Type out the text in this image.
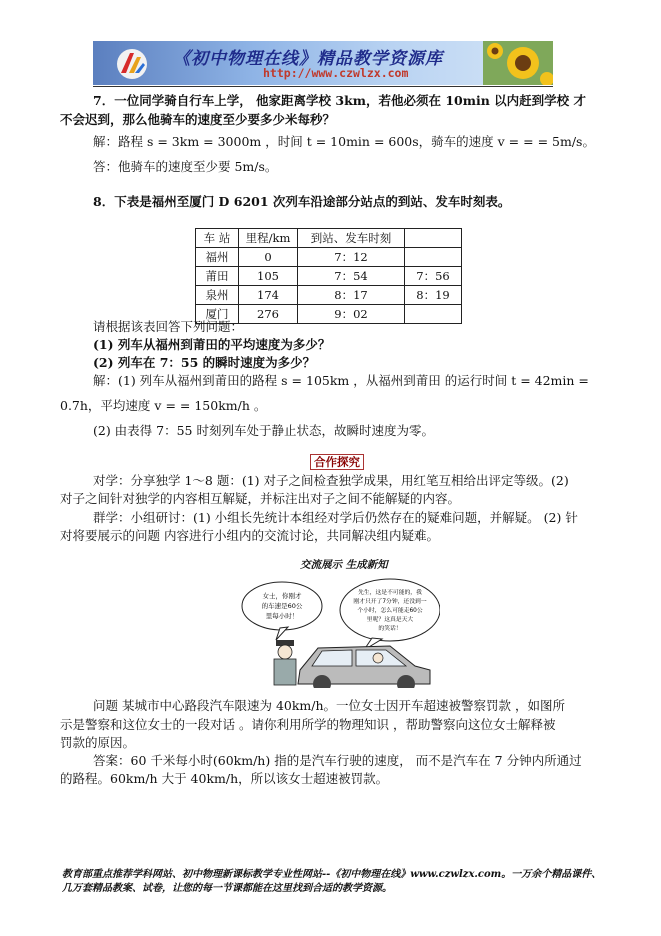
《初中物理在线》精品教学资源库
http://www.czwlzx.com
7．一位同学骑自行车上学， 他家距离学校 3km，若他必须在 10min 以内赶到学校 才
不会迟到，那么他骑车的速度至少要多少米每秒？
解：路程 s = 3km = 3000m ，时间 t = 10min = 600s，骑车的速度 v = = = 5m/s。
答：他骑车的速度至少要 5m/s。
8．下表是福州至厦门 D 6201 次列车沿途部分站点的到站、发车时刻表。
车 站	里程/km	到站、发车时刻	
福州	0	7：12	
莆田	105	7：54	7：56
泉州	174	8：17	8：19
厦门	276	9：02	
请根据该表回答下列问题：
(1) 列车从福州到莆田的平均速度为多少？
(2) 列车在 7：55 的瞬时速度为多少？
解：(1) 列车从福州到莆田的路程 s = 105km ，从福州到莆田 的运行时间 t = 42min =
0.7h，平均速度 v = = 150km/h 。
(2) 由表得 7：55 时刻列车处于静止状态，故瞬时速度为零。
合作探究
对学：分享独学 1～8 题：(1) 对子之间检查独学成果，用红笔互相给出评定等级。(2)
对子之间针对独学的内容相互解疑，并标注出对子之间不能解疑的内容。
群学：小组研讨：(1) 小组长先统计本组经对学后仍然存在的疑难问题，并解疑。 (2) 针
对将要展示的问题 内容进行小组内的交流讨论，共同解决组内疑难。
交流展示 生成新知
女士，你刚才
的车速是60公
里每小时！
先生，这是不可能的，我
刚才只开了7分钟，还没到一
个小时，怎么可能走60公
里呢？这真是天大
的笑话！
问题 某城市中心路段汽车限速为 40km/h。一位女士因开车超速被警察罚款 ，如图所
示是警察和这位女士的一段对话 。请你利用所学的物理知识 ，帮助警察向这位女士解释被
罚款的原因。
答案：60 千米每小时(60km/h) 指的是汽车行驶的速度， 而不是汽车在 7 分钟内所通过
的路程。60km/h 大于 40km/h，所以该女士超速被罚款。
教育部重点推荐学科网站、初中物理新课标教学专业性网站--《初中物理在线》www.czwlzx.com。一万余个精品课件、
几万套精品教案、试卷，让您的每一节课都能在这里找到合适的教学资源。
